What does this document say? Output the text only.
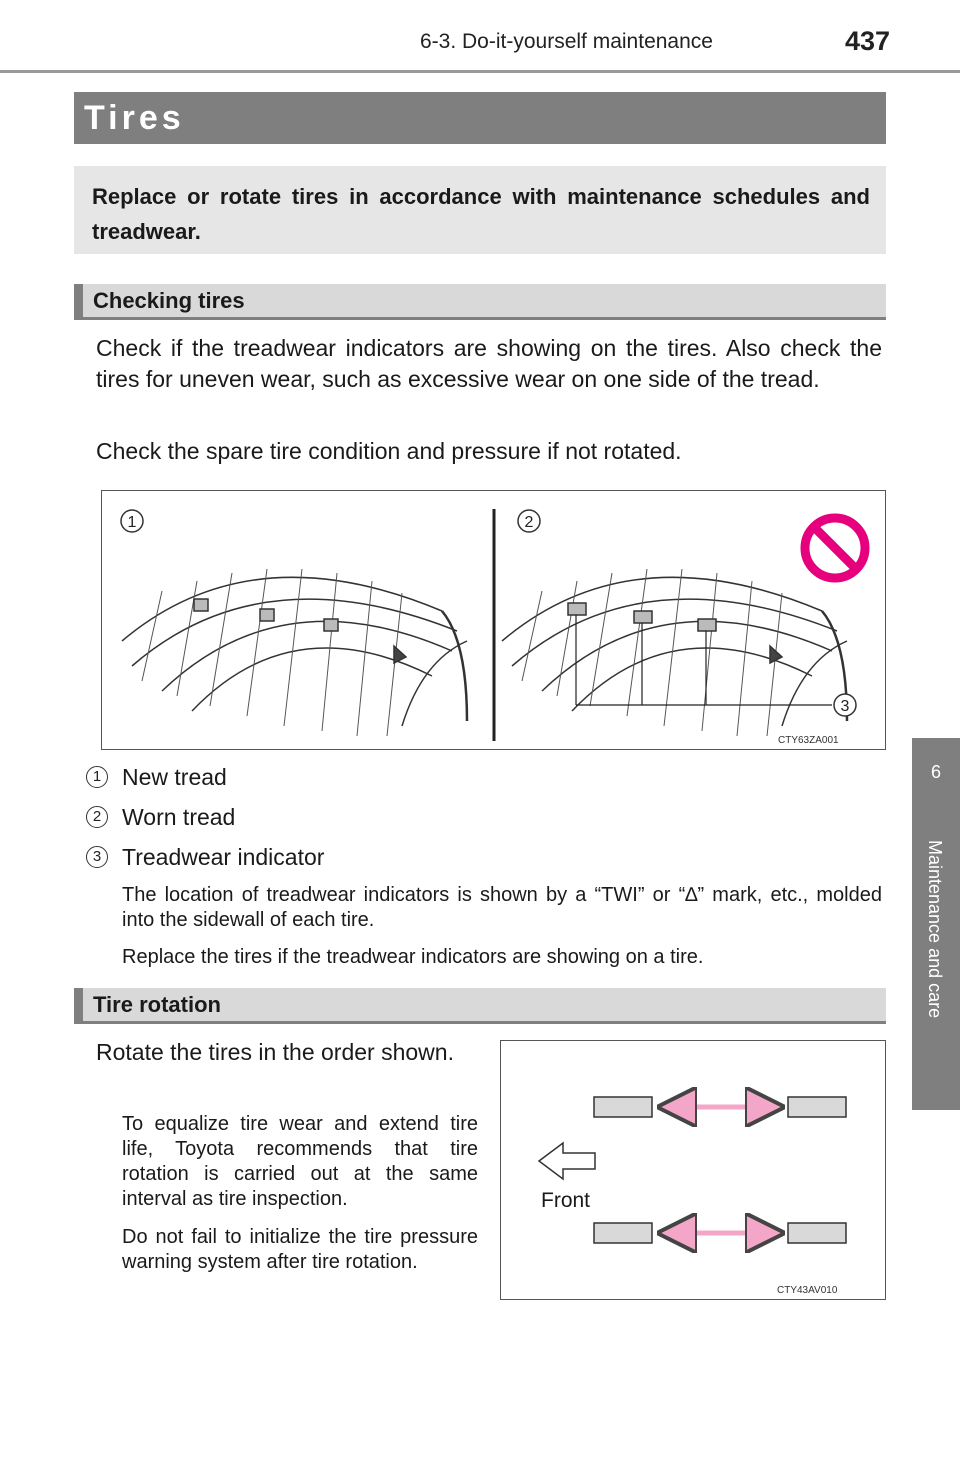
6-3. Do-it-yourself maintenance	437
6
Maintenance and care
Tires
Replace or rotate tires in accordance with maintenance schedules and treadwear.
Checking tires
Check if the treadwear indicators are showing on the tires. Also check the tires for uneven wear, such as excessive wear on one side of the tread.
Check the spare tire condition and pressure if not rotated.
1	2
3
CTY63ZA001
1 New tread
2 Worn tread
3 Treadwear indicator
The location of treadwear indicators is shown by a “TWI” or “∆” mark, etc., molded into the sidewall of each tire.
Replace the tires if the treadwear indicators are showing on a tire.
Tire rotation
Rotate the tires in the order shown.
To equalize tire wear and extend tire life, Toyota recommends that tire rotation is carried out at the same interval as tire inspection.
Do not fail to initialize the tire pressure warning system after tire rotation.
Front
CTY43AV010
